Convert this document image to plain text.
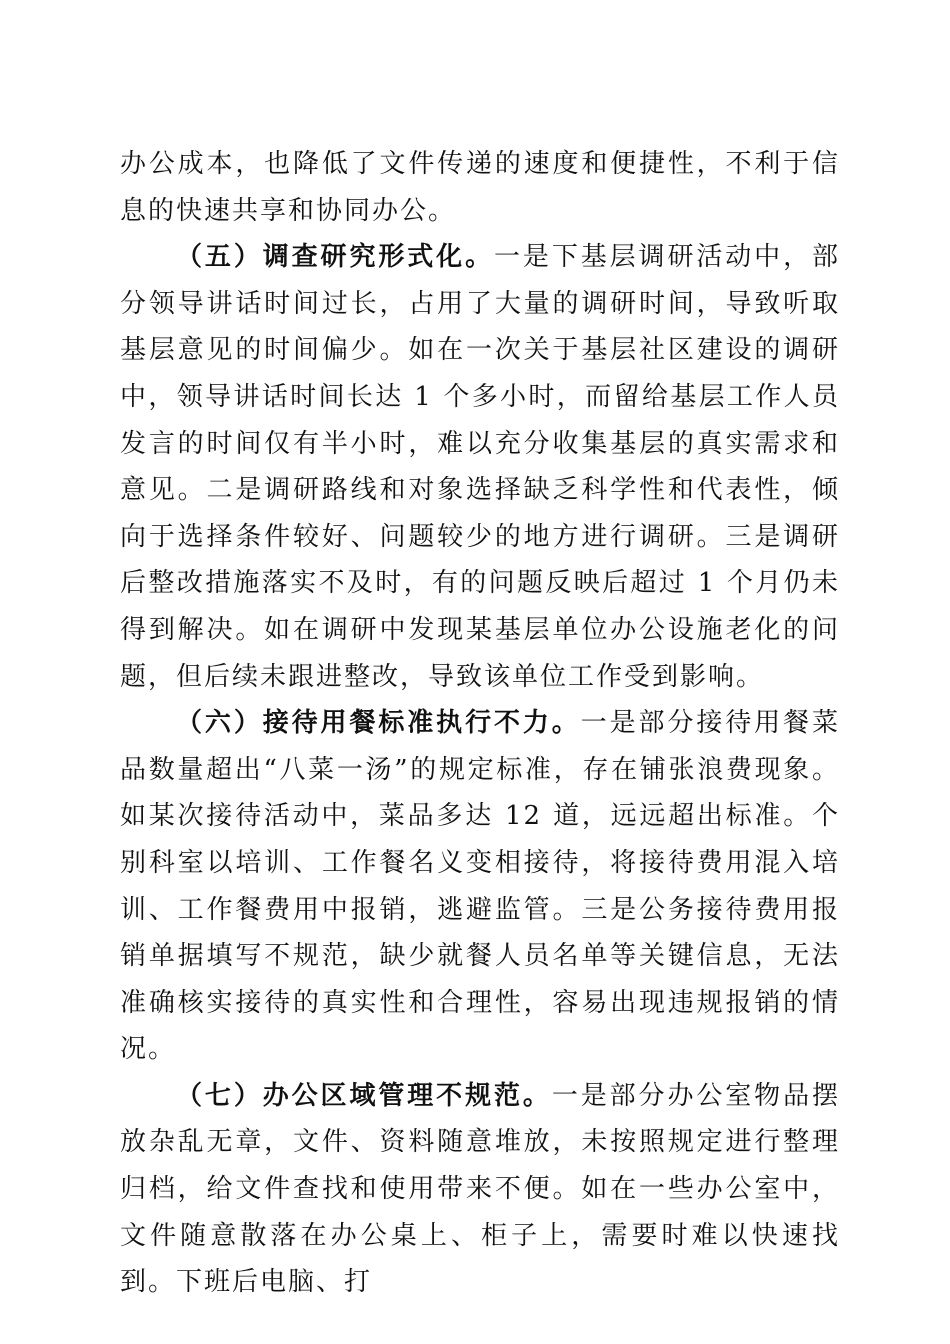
办公成本，也降低了文件传递的速度和便捷性，不利于信息的快速共享和协同办公。

（五）调查研究形式化。一是下基层调研活动中，部分领导讲话时间过长，占用了大量的调研时间，导致听取基层意见的时间偏少。如在一次关于基层社区建设的调研中，领导讲话时间长达 1 个多小时，而留给基层工作人员发言的时间仅有半小时，难以充分收集基层的真实需求和意见。二是调研路线和对象选择缺乏科学性和代表性，倾向于选择条件较好、问题较少的地方进行调研。三是调研后整改措施落实不及时，有的问题反映后超过 1 个月仍未得到解决。如在调研中发现某基层单位办公设施老化的问题，但后续未跟进整改，导致该单位工作受到影响。

（六）接待用餐标准执行不力。一是部分接待用餐菜品数量超出“八菜一汤”的规定标准，存在铺张浪费现象。如某次接待活动中，菜品多达 12 道，远远超出标准。个别科室以培训、工作餐名义变相接待，将接待费用混入培训、工作餐费用中报销，逃避监管。三是公务接待费用报销单据填写不规范，缺少就餐人员名单等关键信息，无法准确核实接待的真实性和合理性，容易出现违规报销的情况。

（七）办公区域管理不规范。一是部分办公室物品摆放杂乱无章，文件、资料随意堆放，未按照规定进行整理归档，给文件查找和使用带来不便。如在一些办公室中，文件随意散落在办公桌上、柜子上，需要时难以快速找到。下班后电脑、打
